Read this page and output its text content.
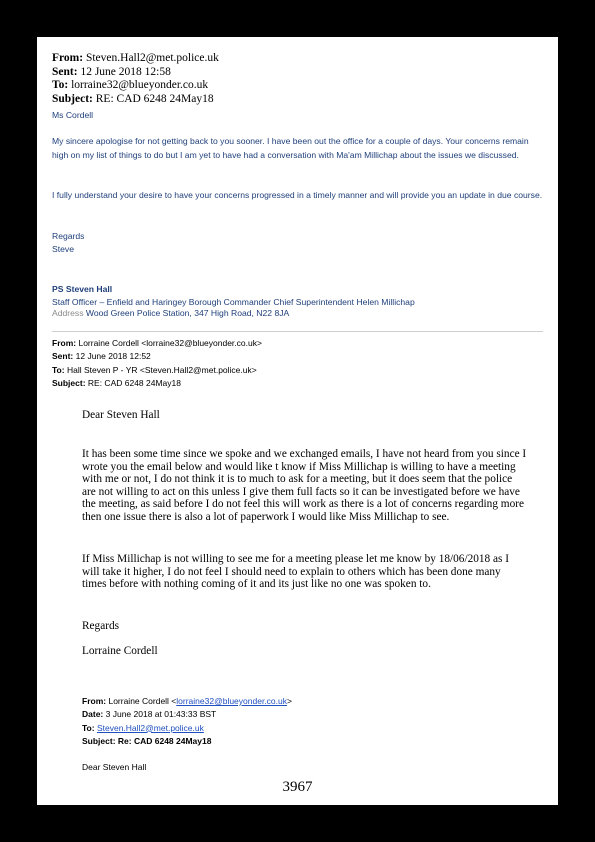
From: Steven.Hall2@met.police.uk
Sent: 12 June 2018 12:58
To: lorraine32@blueyonder.co.uk
Subject: RE: CAD 6248 24May18
Ms Cordell
My sincere apologise for not getting back to you sooner. I have been out the office for a couple of days. Your concerns remain high on my list of things to do but I am yet to have had a conversation with Ma'am Millichap about the issues we discussed.
I fully understand your desire to have your concerns progressed in a timely manner and will provide you an update in due course.
Regards
Steve
PS Steven Hall
Staff Officer – Enfield and Haringey Borough Commander Chief Superintendent Helen Millichap
Address Wood Green Police Station, 347 High Road, N22 8JA
From: Lorraine Cordell <lorraine32@blueyonder.co.uk>
Sent: 12 June 2018 12:52
To: Hall Steven P - YR <Steven.Hall2@met.police.uk>
Subject: RE: CAD 6248 24May18
Dear Steven Hall
It has been some time since we spoke and we exchanged emails, I have not heard from you since I wrote you the email below and would like t know if Miss Millichap is willing to have a meeting with me or not, I do not think it is to much to ask for a meeting, but it does seem that the police are not willing to act on this unless I give them full facts so it can be investigated before we have the meeting, as said before I do not feel this will work as there is a lot of concerns regarding more then one issue there is also a lot of paperwork I would like Miss Millichap to see.
If Miss Millichap is not willing to see me for a meeting please let me know by 18/06/2018 as I will take it higher, I do not feel I should need to explain to others which has been done many times before with nothing coming of it and its just like no one was spoken to.
Regards
Lorraine Cordell
From: Lorraine Cordell <lorraine32@blueyonder.co.uk>
Date: 3 June 2018 at 01:43:33 BST
To: Steven.Hall2@met.police.uk
Subject: Re: CAD 6248 24May18
Dear Steven Hall
3967
